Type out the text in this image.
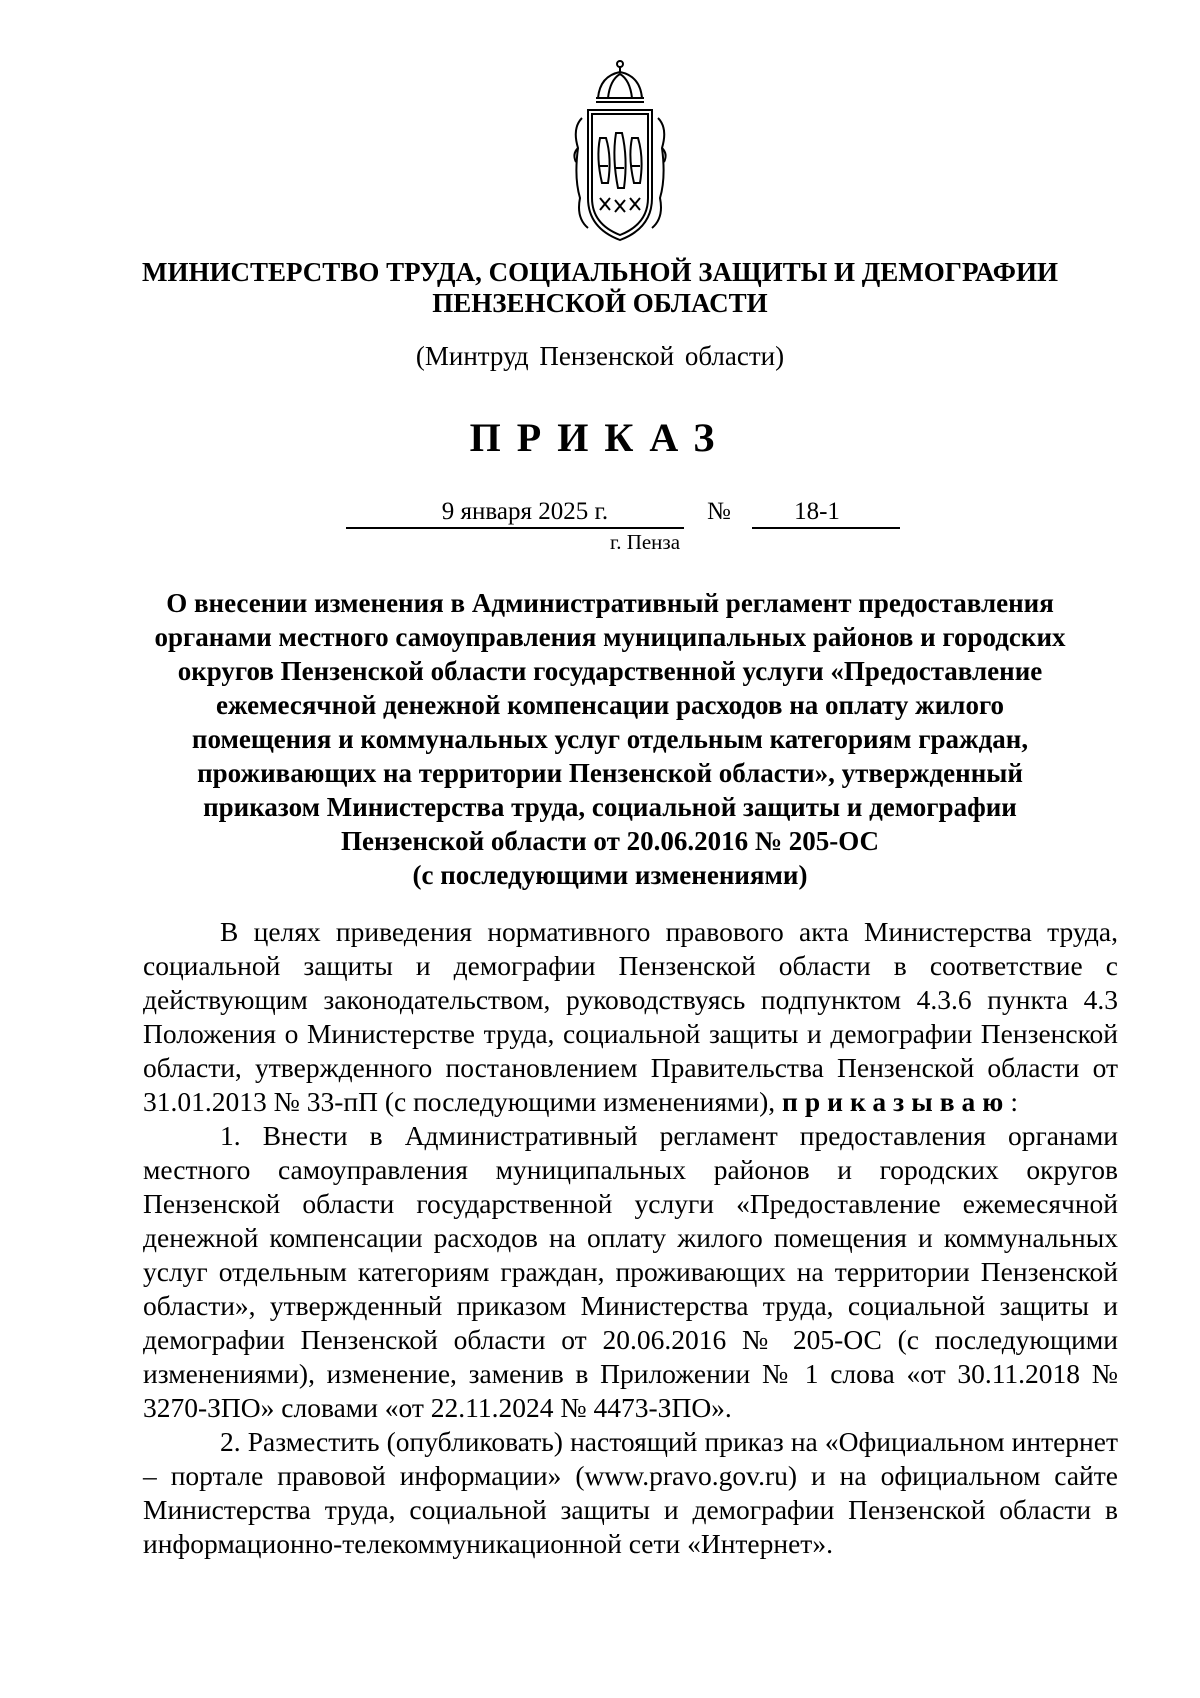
МИНИСТЕРСТВО ТРУДА, СОЦИАЛЬНОЙ ЗАЩИТЫ И ДЕМОГРАФИИ
ПЕНЗЕНСКОЙ ОБЛАСТИ
(Минтруд Пензенской области)
ПРИКАЗ
9 января 2025 г.	№	18-1
г. Пенза
О внесении изменения в Административный регламент предоставления
органами местного самоуправления муниципальных районов и городских
округов Пензенской области государственной услуги «Предоставление
ежемесячной денежной компенсации расходов на оплату жилого
помещения и коммунальных услуг отдельным категориям граждан,
проживающих на территории Пензенской области», утвержденный
приказом Министерства труда, социальной защиты и демографии
Пензенской области от 20.06.2016 № 205-ОС
(с последующими изменениями)

В целях приведения нормативного правового акта Министерства труда, социальной защиты и демографии Пензенской области в соответствие с действующим законодательством, руководствуясь подпунктом 4.3.6 пункта 4.3 Положения о Министерстве труда, социальной защиты и демографии Пензенской области, утвержденного постановлением Правительства Пензенской области от 31.01.2013 № 33-пП (с последующими изменениями), приказываю:

1. Внести в Административный регламент предоставления органами местного самоуправления муниципальных районов и городских округов Пензенской области государственной услуги «Предоставление ежемесячной денежной компенсации расходов на оплату жилого помещения и коммунальных услуг отдельным категориям граждан, проживающих на территории Пензенской области», утвержденный приказом Министерства труда, социальной защиты и демографии Пензенской области от 20.06.2016 № 205-ОС (с последующими изменениями), изменение, заменив в Приложении № 1 слова «от 30.11.2018 № 3270-ЗПО» словами «от 22.11.2024 № 4473-ЗПО».

2. Разместить (опубликовать) настоящий приказ на «Официальном интернет – портале правовой информации» (www.pravo.gov.ru) и на официальном сайте Министерства труда, социальной защиты и демографии Пензенской области в информационно-телекоммуникационной сети «Интернет».
